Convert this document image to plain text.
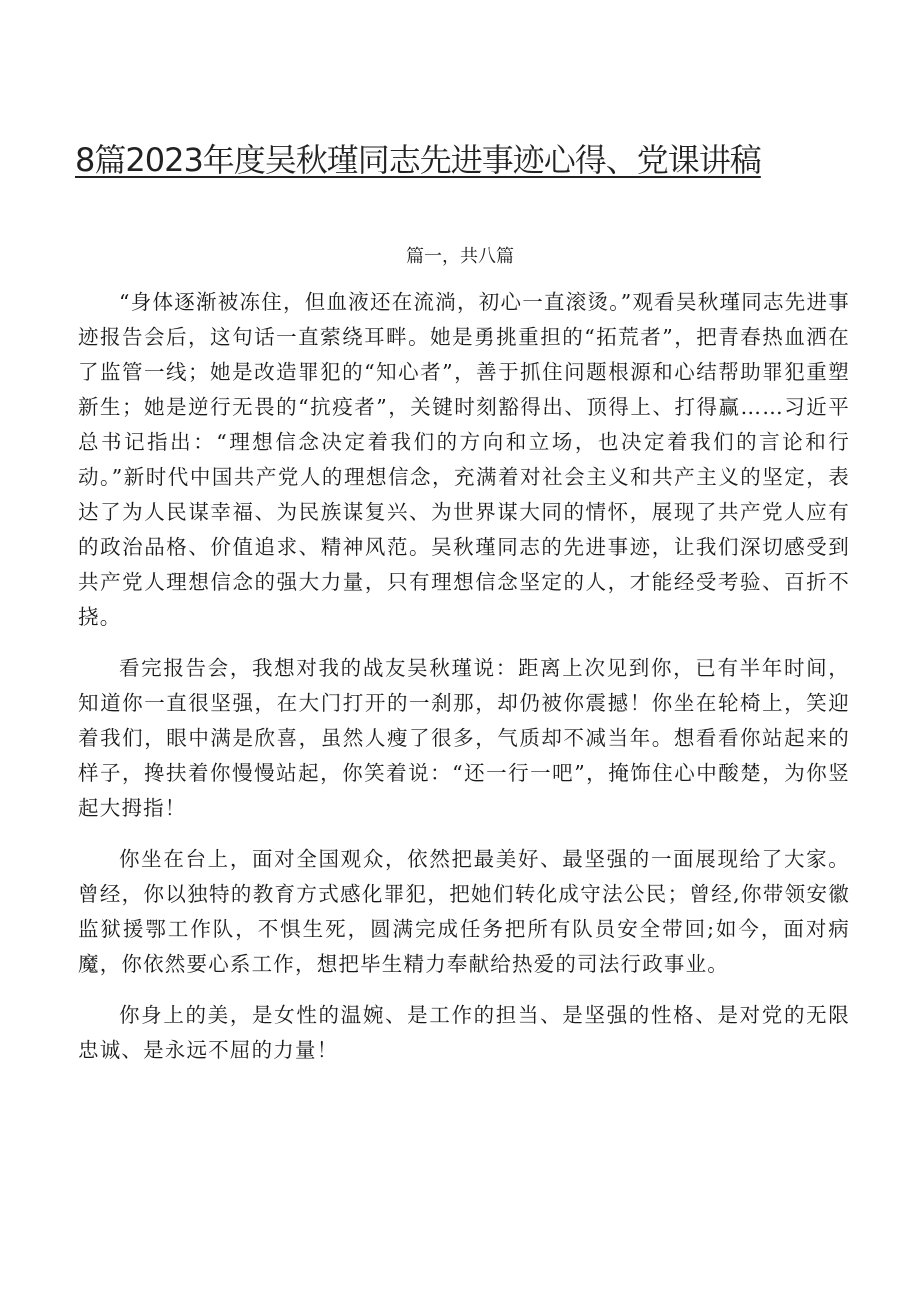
8篇2023年度吴秋瑾同志先进事迹心得、党课讲稿
篇一，共八篇

“身体逐渐被冻住，但血液还在流淌，初心一直滚烫。”观看吴秋瑾同志先进事迹报告会后，这句话一直萦绕耳畔。她是勇挑重担的“拓荒者”，把青春热血洒在了监管一线；她是改造罪犯的“知心者”，善于抓住问题根源和心结帮助罪犯重塑新生；她是逆行无畏的“抗疫者”，关键时刻豁得出、顶得上、打得赢……习近平总书记指出：“理想信念决定着我们的方向和立场，也决定着我们的言论和行动。”新时代中国共产党人的理想信念，充满着对社会主义和共产主义的坚定，表达了为人民谋幸福、为民族谋复兴、为世界谋大同的情怀，展现了共产党人应有的政治品格、价值追求、精神风范。吴秋瑾同志的先进事迹，让我们深切感受到共产党人理想信念的强大力量，只有理想信念坚定的人，才能经受考验、百折不挠。

看完报告会，我想对我的战友吴秋瑾说：距离上次见到你，已有半年时间，知道你一直很坚强，在大门打开的一刹那，却仍被你震撼！你坐在轮椅上，笑迎着我们，眼中满是欣喜，虽然人瘦了很多，气质却不减当年。想看看你站起来的样子，搀扶着你慢慢站起，你笑着说：“还一行一吧”，掩饰住心中酸楚，为你竖起大拇指！

你坐在台上，面对全国观众，依然把最美好、最坚强的一面展现给了大家。曾经，你以独特的教育方式感化罪犯，把她们转化成守法公民；曾经,你带领安徽监狱援鄂工作队，不惧生死，圆满完成任务把所有队员安全带回;如今，面对病魔，你依然要心系工作，想把毕生精力奉献给热爱的司法行政事业。

你身上的美，是女性的温婉、是工作的担当、是坚强的性格、是对党的无限忠诚、是永远不屈的力量！
